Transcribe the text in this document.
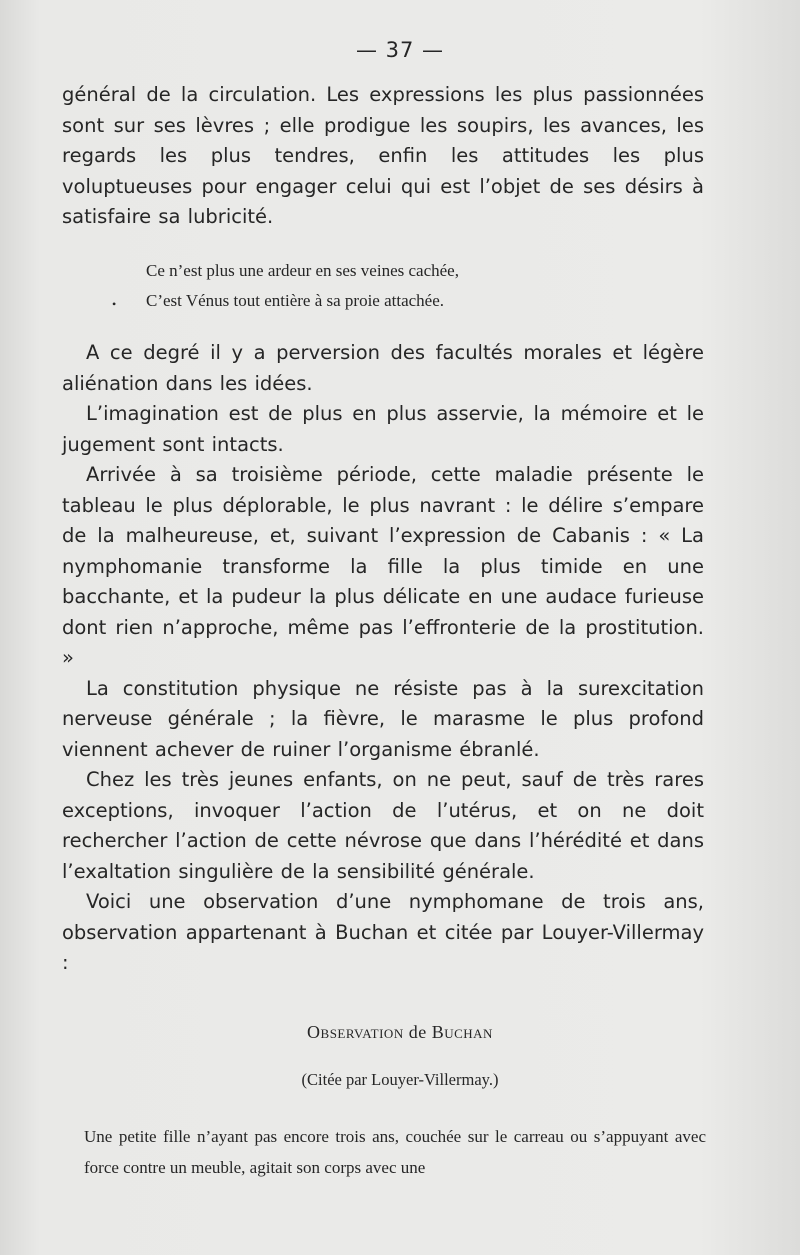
— 37 —

général de la circulation. Les expressions les plus passionnées sont sur ses lèvres ; elle prodigue les soupirs, les avances, les regards les plus tendres, enfin les attitudes les plus voluptueuses pour engager celui qui est l’objet de ses désirs à satisfaire sa lubricité.

•
Ce n’est plus une ardeur en ses veines cachée,
C’est Vénus tout entière à sa proie attachée.

A ce degré il y a perversion des facultés morales et légère aliénation dans les idées.

L’imagination est de plus en plus asservie, la mémoire et le jugement sont intacts.

Arrivée à sa troisième période, cette maladie présente le tableau le plus déplorable, le plus navrant : le délire s’empare de la malheureuse, et, suivant l’expression de Cabanis : « La nymphomanie transforme la fille la plus timide en une bacchante, et la pudeur la plus délicate en une audace furieuse dont rien n’approche, même pas l’effronterie de la prostitution. »

La constitution physique ne résiste pas à la surexcitation nerveuse générale ; la fièvre, le marasme le plus profond viennent achever de ruiner l’organisme ébranlé.

Chez les très jeunes enfants, on ne peut, sauf de très rares exceptions, invoquer l’action de l’utérus, et on ne doit rechercher l’action de cette névrose que dans l’hérédité et dans l’exaltation singulière de la sensibilité générale.

Voici une observation d’une nymphomane de trois ans, observation appartenant à Buchan et citée par Louyer-Villermay :

Observation de Buchan
(Citée par Louyer-Villermay.)

Une petite fille n’ayant pas encore trois ans, couchée sur le carreau ou s’appuyant avec force contre un meuble, agitait son corps avec une
